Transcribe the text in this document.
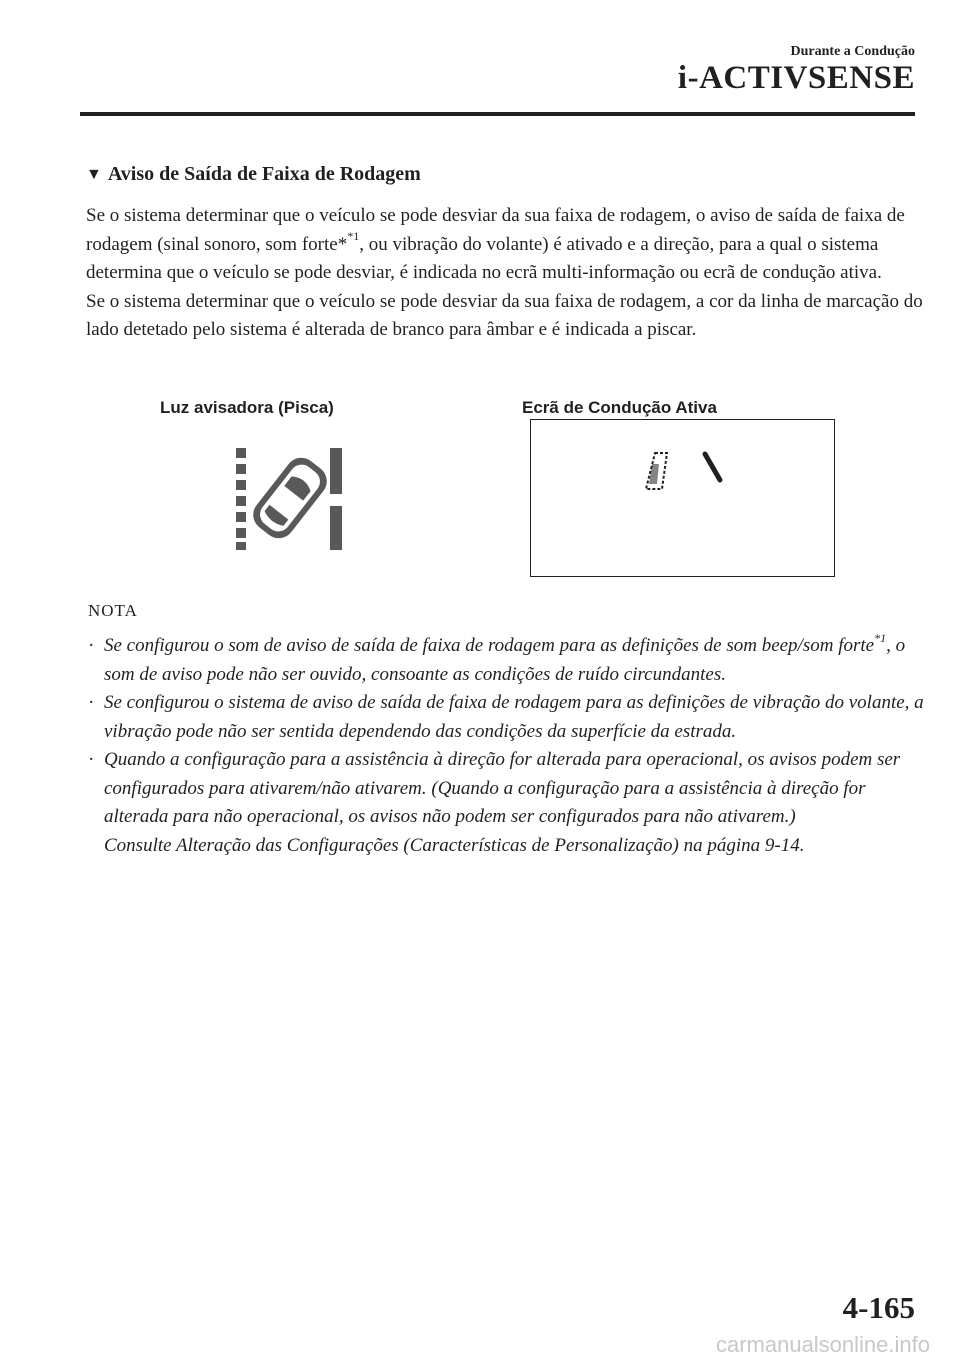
Durante a Condução
i-ACTIVSENSE
▼ Aviso de Saída de Faixa de Rodagem

Se o sistema determinar que o veículo se pode desviar da sua faixa de rodagem, o aviso de saída de faixa de rodagem (sinal sonoro, som forte*$^{*1}$, ou vibração do volante) é ativado e a direção, para a qual o sistema determina que o veículo se pode desviar, é indicada no ecrã multi-informação ou ecrã de condução ativa.

Se o sistema determinar que o veículo se pode desviar da sua faixa de rodagem, a cor da linha de marcação do lado detetado pelo sistema é alterada de branco para âmbar e é indicada a piscar.

Luz avisadora (Pisca)	Ecrã de Condução Ativa
NOTA
· Se configurou o som de aviso de saída de faixa de rodagem para as definições de som beep/som forte$^{*1}$, o som de aviso pode não ser ouvido, consoante as condições de ruído circundantes.

· Se configurou o sistema de aviso de saída de faixa de rodagem para as definições de vibração do volante, a vibração pode não ser sentida dependendo das condições da superfície da estrada.

· Quando a configuração para a assistência à direção for alterada para operacional, os avisos podem ser configurados para ativarem/não ativarem. (Quando a configuração para a assistência à direção for alterada para não operacional, os avisos não podem ser configurados para não ativarem.)

Consulte Alteração das Configurações (Características de Personalização) na página 9-14.

4-165
carmanualsonline.info
